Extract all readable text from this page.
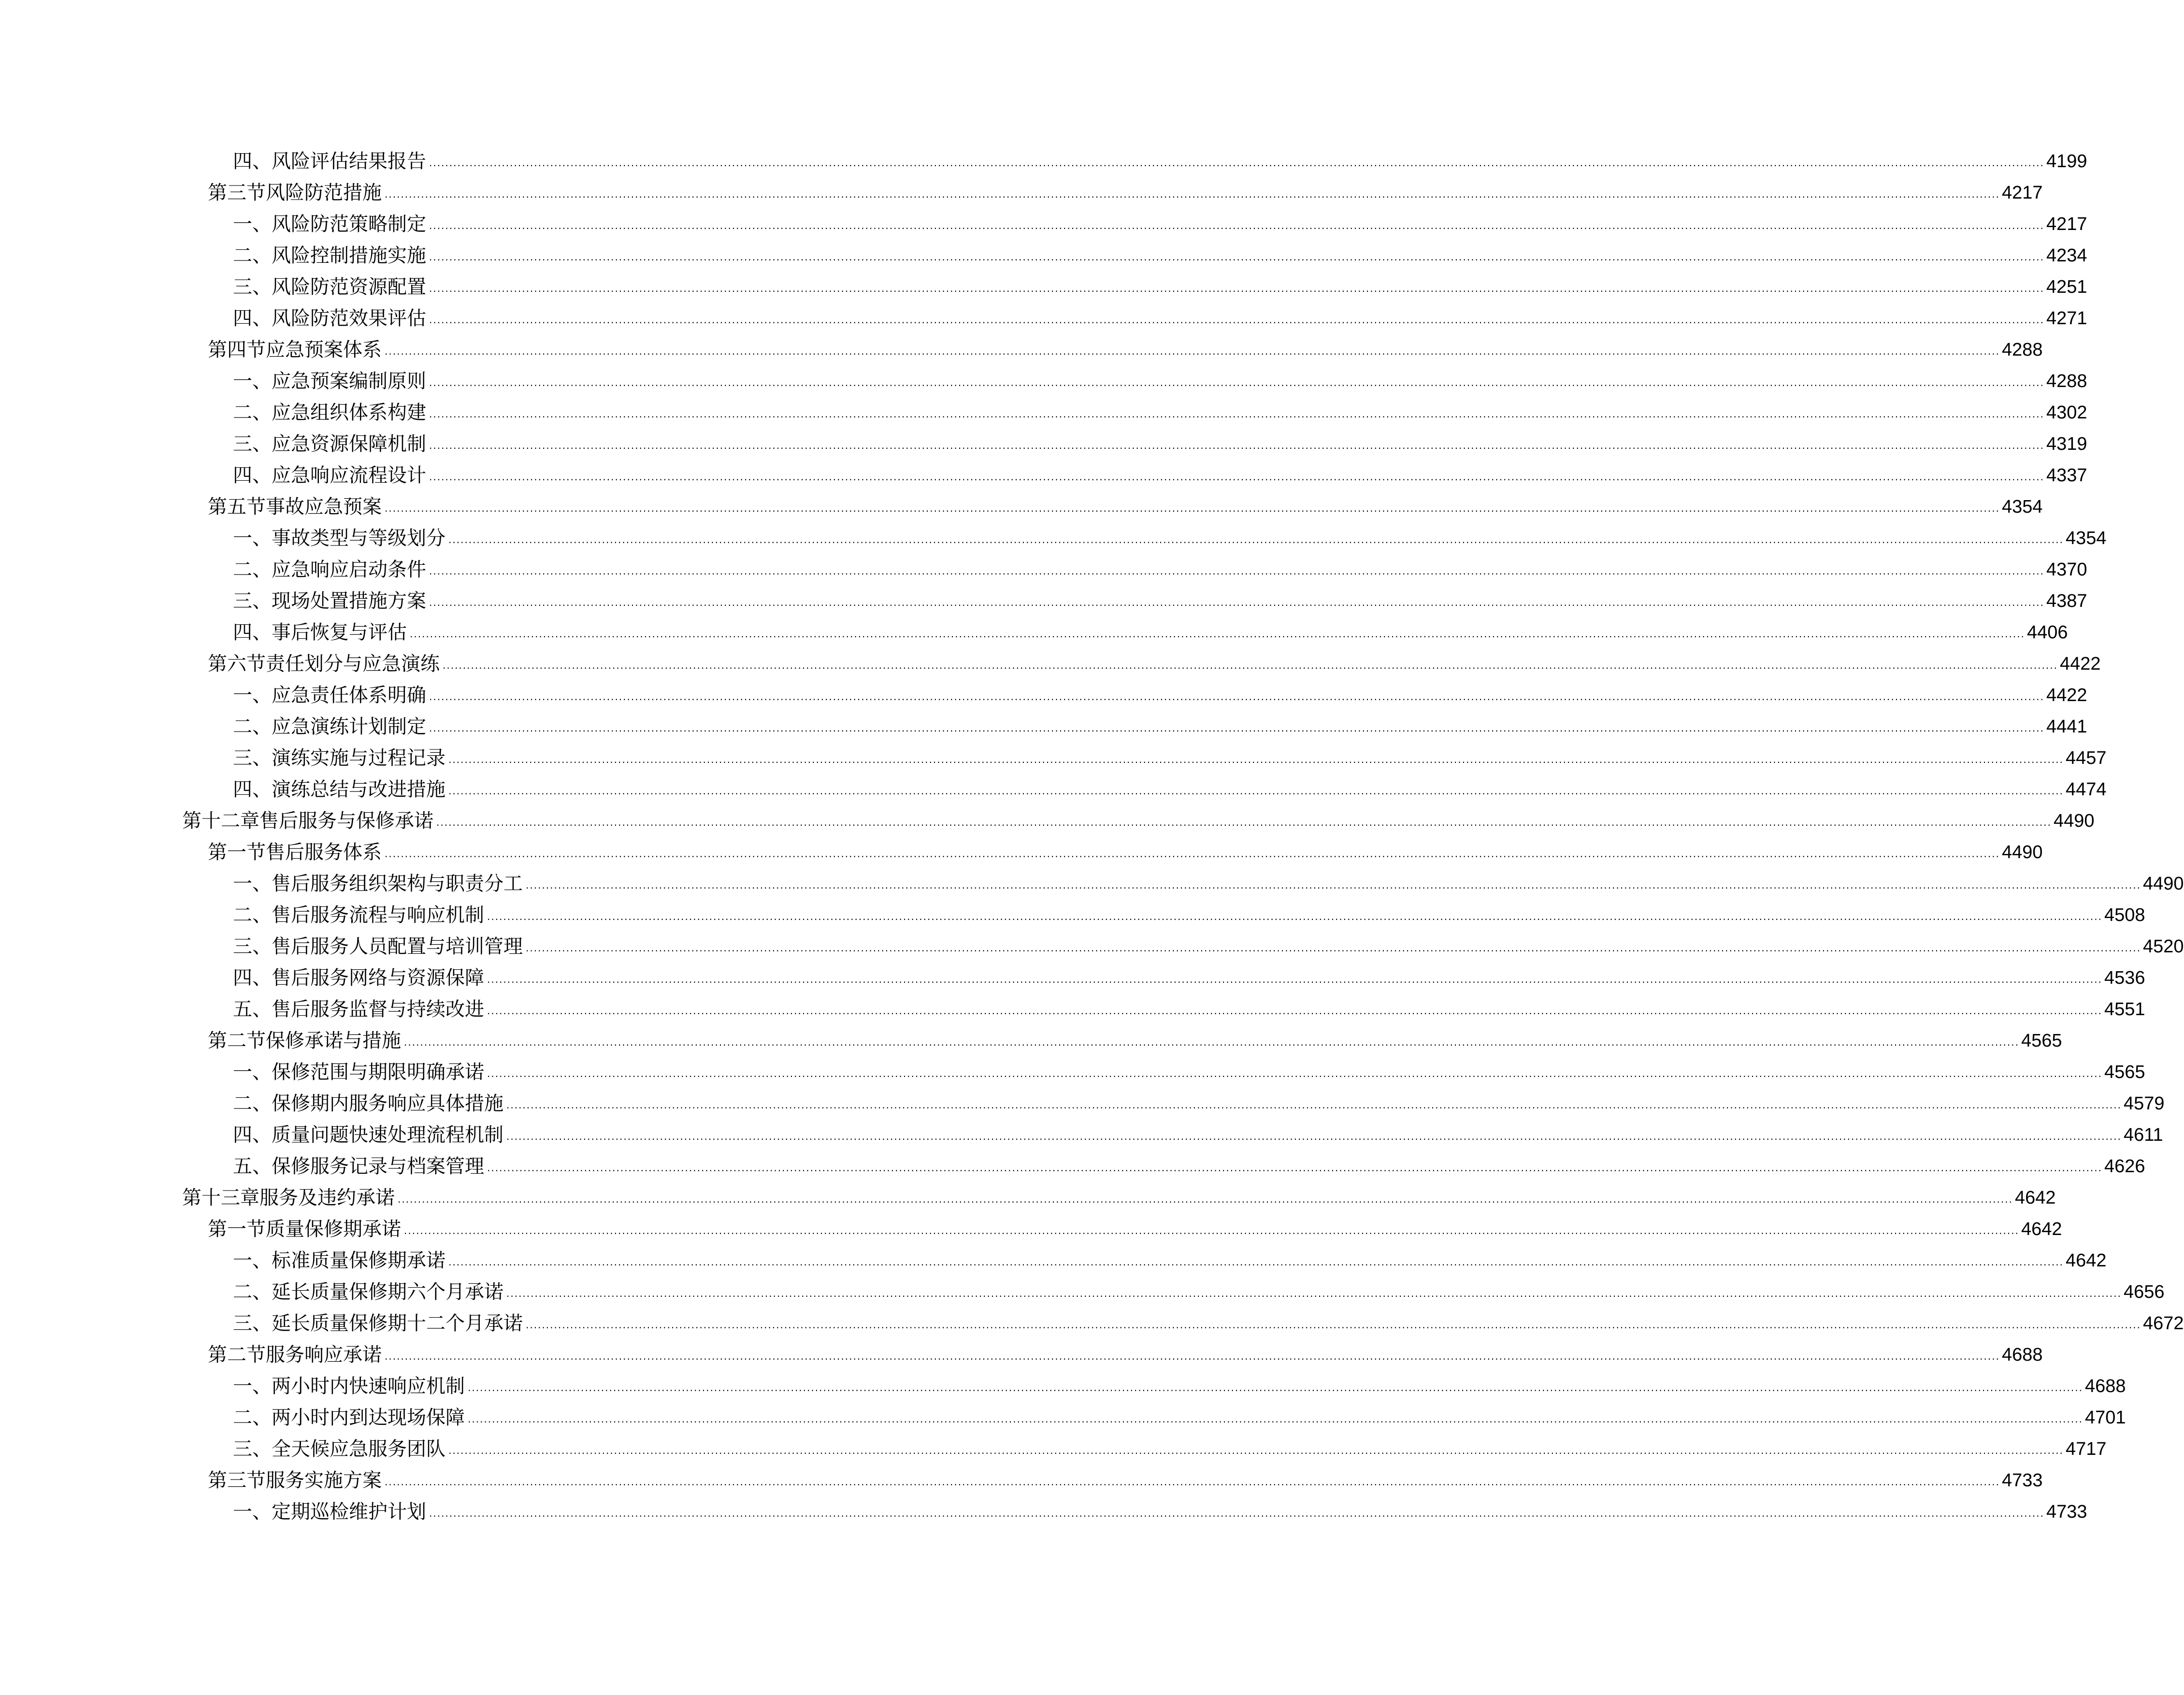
四、风险评估结果报告 ................................................................................................................................................................................................................................................................................................................................................................................................................ 4199
第三节风险防范措施 ................................................................................................................................................................................................................................................................................................................................................................................................................ 4217
一、风险防范策略制定 ................................................................................................................................................................................................................................................................................................................................................................................................................ 4217
二、风险控制措施实施 ................................................................................................................................................................................................................................................................................................................................................................................................................ 4234
三、风险防范资源配置 ................................................................................................................................................................................................................................................................................................................................................................................................................ 4251
四、风险防范效果评估 ................................................................................................................................................................................................................................................................................................................................................................................................................ 4271
第四节应急预案体系 ................................................................................................................................................................................................................................................................................................................................................................................................................ 4288
一、应急预案编制原则 ................................................................................................................................................................................................................................................................................................................................................................................................................ 4288
二、应急组织体系构建 ................................................................................................................................................................................................................................................................................................................................................................................................................ 4302
三、应急资源保障机制 ................................................................................................................................................................................................................................................................................................................................................................................................................ 4319
四、应急响应流程设计 ................................................................................................................................................................................................................................................................................................................................................................................................................ 4337
第五节事故应急预案 ................................................................................................................................................................................................................................................................................................................................................................................................................ 4354
一、事故类型与等级划分 ................................................................................................................................................................................................................................................................................................................................................................................................................ 4354
二、应急响应启动条件 ................................................................................................................................................................................................................................................................................................................................................................................................................ 4370
三、现场处置措施方案 ................................................................................................................................................................................................................................................................................................................................................................................................................ 4387
四、事后恢复与评估 ................................................................................................................................................................................................................................................................................................................................................................................................................ 4406
第六节责任划分与应急演练 ................................................................................................................................................................................................................................................................................................................................................................................................................ 4422
一、应急责任体系明确 ................................................................................................................................................................................................................................................................................................................................................................................................................ 4422
二、应急演练计划制定 ................................................................................................................................................................................................................................................................................................................................................................................................................ 4441
三、演练实施与过程记录 ................................................................................................................................................................................................................................................................................................................................................................................................................ 4457
四、演练总结与改进措施 ................................................................................................................................................................................................................................................................................................................................................................................................................ 4474
第十二章售后服务与保修承诺 ................................................................................................................................................................................................................................................................................................................................................................................................................ 4490
第一节售后服务体系 ................................................................................................................................................................................................................................................................................................................................................................................................................ 4490
一、售后服务组织架构与职责分工 ................................................................................................................................................................................................................................................................................................................................................................................................................ 4490
二、售后服务流程与响应机制 ................................................................................................................................................................................................................................................................................................................................................................................................................ 4508
三、售后服务人员配置与培训管理 ................................................................................................................................................................................................................................................................................................................................................................................................................ 4520
四、售后服务网络与资源保障 ................................................................................................................................................................................................................................................................................................................................................................................................................ 4536
五、售后服务监督与持续改进 ................................................................................................................................................................................................................................................................................................................................................................................................................ 4551
第二节保修承诺与措施 ................................................................................................................................................................................................................................................................................................................................................................................................................ 4565
一、保修范围与期限明确承诺 ................................................................................................................................................................................................................................................................................................................................................................................................................ 4565
二、保修期内服务响应具体措施 ................................................................................................................................................................................................................................................................................................................................................................................................................ 4579
四、质量问题快速处理流程机制 ................................................................................................................................................................................................................................................................................................................................................................................................................ 4611
五、保修服务记录与档案管理 ................................................................................................................................................................................................................................................................................................................................................................................................................ 4626
第十三章服务及违约承诺 ................................................................................................................................................................................................................................................................................................................................................................................................................ 4642
第一节质量保修期承诺 ................................................................................................................................................................................................................................................................................................................................................................................................................ 4642
一、标准质量保修期承诺 ................................................................................................................................................................................................................................................................................................................................................................................................................ 4642
二、延长质量保修期六个月承诺 ................................................................................................................................................................................................................................................................................................................................................................................................................ 4656
三、延长质量保修期十二个月承诺 ................................................................................................................................................................................................................................................................................................................................................................................................................ 4672
第二节服务响应承诺 ................................................................................................................................................................................................................................................................................................................................................................................................................ 4688
一、两小时内快速响应机制 ................................................................................................................................................................................................................................................................................................................................................................................................................ 4688
二、两小时内到达现场保障 ................................................................................................................................................................................................................................................................................................................................................................................................................ 4701
三、全天候应急服务团队 ................................................................................................................................................................................................................................................................................................................................................................................................................ 4717
第三节服务实施方案 ................................................................................................................................................................................................................................................................................................................................................................................................................ 4733
一、定期巡检维护计划 ................................................................................................................................................................................................................................................................................................................................................................................................................ 4733
